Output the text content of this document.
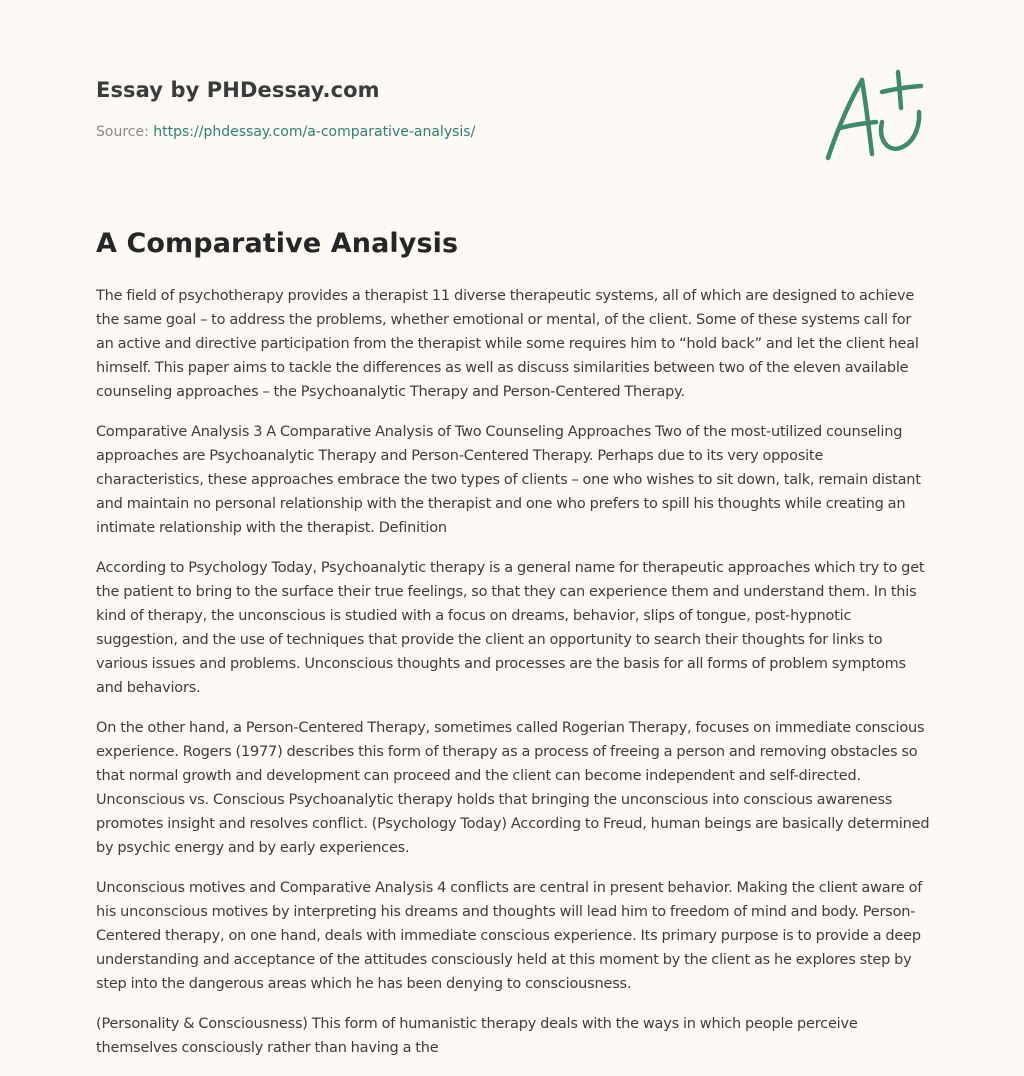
Essay by PHDessay.com
Source: https://phdessay.com/a-comparative-analysis/
A Comparative Analysis

The field of psychotherapy provides a therapist 11 diverse therapeutic systems, all of which are designed to achieve the same goal – to address the problems, whether emotional or mental, of the client. Some of these systems call for an active and directive participation from the therapist while some requires him to “hold back” and let the client heal himself. This paper aims to tackle the differences as well as discuss similarities between two of the eleven available counseling approaches – the Psychoanalytic Therapy and Person-Centered Therapy.

Comparative Analysis 3 A Comparative Analysis of Two Counseling Approaches Two of the most-utilized counseling approaches are Psychoanalytic Therapy and Person-Centered Therapy. Perhaps due to its very opposite characteristics, these approaches embrace the two types of clients – one who wishes to sit down, talk, remain distant and maintain no personal relationship with the therapist and one who prefers to spill his thoughts while creating an intimate relationship with the therapist. Definition

According to Psychology Today, Psychoanalytic therapy is a general name for therapeutic approaches which try to get the patient to bring to the surface their true feelings, so that they can experience them and understand them. In this kind of therapy, the unconscious is studied with a focus on dreams, behavior, slips of tongue, post-hypnotic suggestion, and the use of techniques that provide the client an opportunity to search their thoughts for links to various issues and problems. Unconscious thoughts and processes are the basis for all forms of problem symptoms and behaviors.

On the other hand, a Person-Centered Therapy, sometimes called Rogerian Therapy, focuses on immediate conscious experience. Rogers (1977) describes this form of therapy as a process of freeing a person and removing obstacles so that normal growth and development can proceed and the client can become independent and self-directed. Unconscious vs. Conscious Psychoanalytic therapy holds that bringing the unconscious into conscious awareness promotes insight and resolves conflict. (Psychology Today) According to Freud, human beings are basically determined by psychic energy and by early experiences.

Unconscious motives and Comparative Analysis 4 conflicts are central in present behavior. Making the client aware of his unconscious motives by interpreting his dreams and thoughts will lead him to freedom of mind and body. Person-Centered therapy, on one hand, deals with immediate conscious experience. Its primary purpose is to provide a deep understanding and acceptance of the attitudes consciously held at this moment by the client as he explores step by step into the dangerous areas which he has been denying to consciousness.

(Personality & Consciousness) This form of humanistic therapy deals with the ways in which people perceive themselves consciously rather than having a the
